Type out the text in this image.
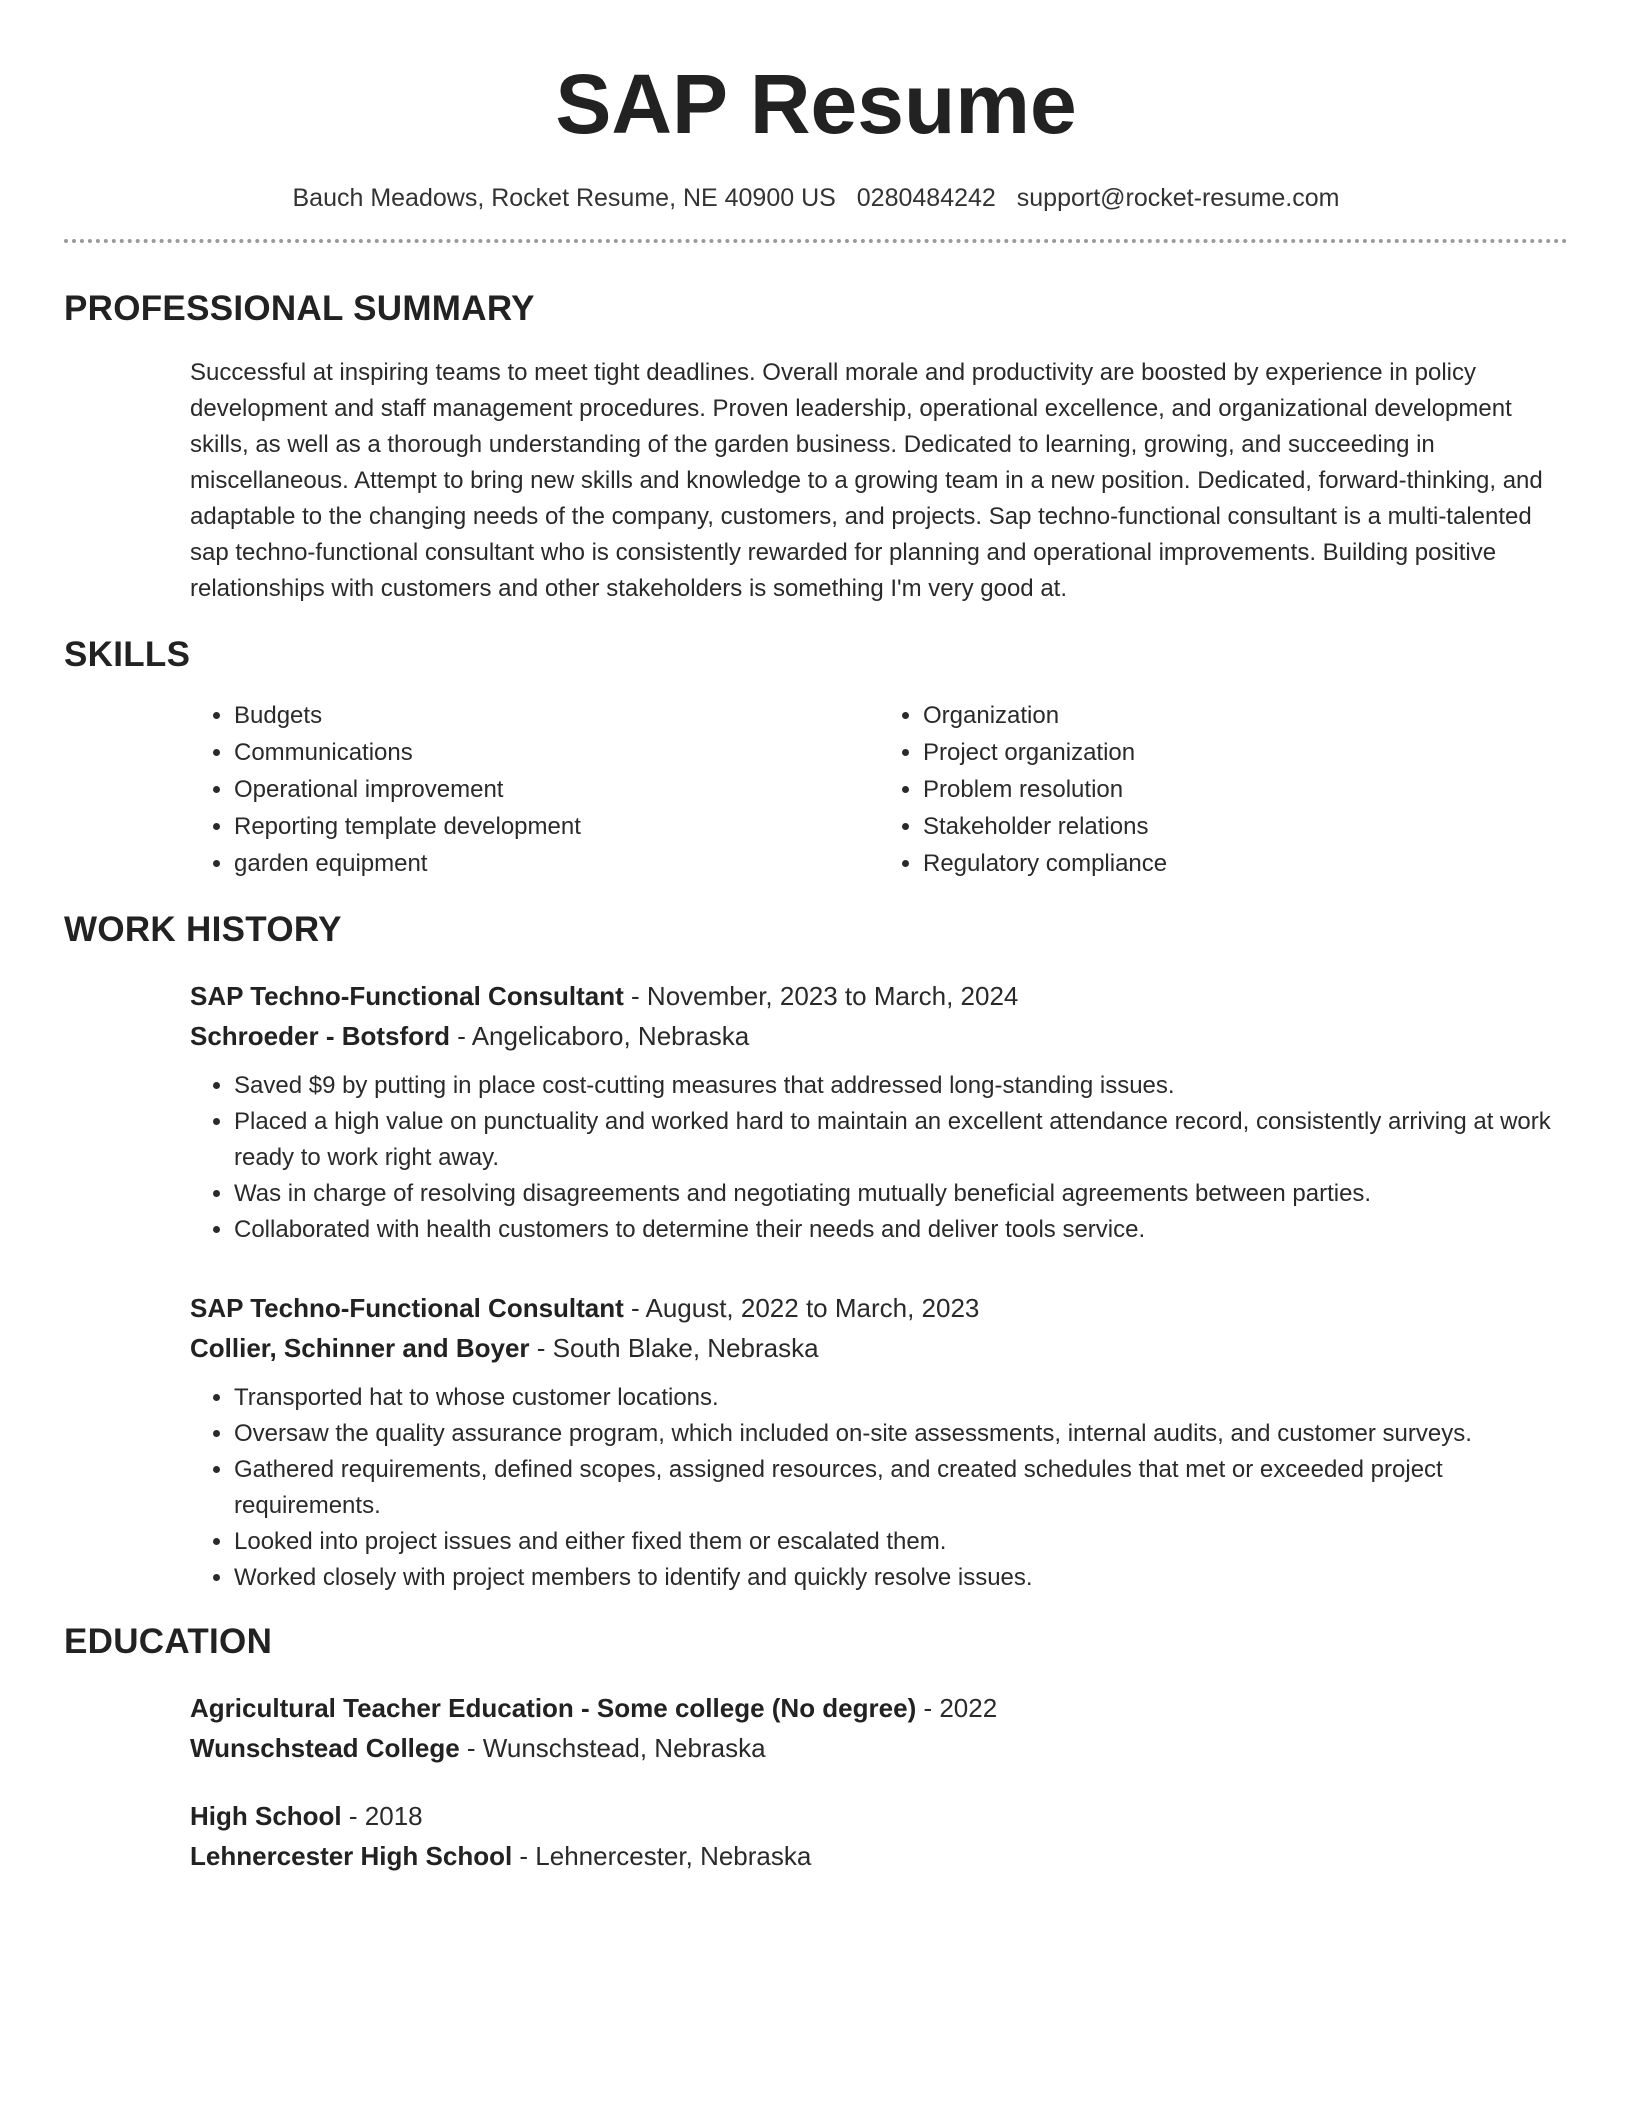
SAP Resume
Bauch Meadows, Rocket Resume, NE 40900 US 0280484242 support@rocket-resume.com
PROFESSIONAL SUMMARY
Successful at inspiring teams to meet tight deadlines. Overall morale and productivity are boosted by experience in policy development and staff management procedures. Proven leadership, operational excellence, and organizational development skills, as well as a thorough understanding of the garden business. Dedicated to learning, growing, and succeeding in miscellaneous. Attempt to bring new skills and knowledge to a growing team in a new position. Dedicated, forward-thinking, and adaptable to the changing needs of the company, customers, and projects. Sap techno-functional consultant is a multi-talented sap techno-functional consultant who is consistently rewarded for planning and operational improvements. Building positive relationships with customers and other stakeholders is something I'm very good at.
SKILLS
• Budgets
• Communications
• Operational improvement
• Reporting template development
• garden equipment
• Organization
• Project organization
• Problem resolution
• Stakeholder relations
• Regulatory compliance
WORK HISTORY
SAP Techno-Functional Consultant - November, 2023 to March, 2024
Schroeder - Botsford - Angelicaboro, Nebraska
• Saved $9 by putting in place cost-cutting measures that addressed long-standing issues.
• Placed a high value on punctuality and worked hard to maintain an excellent attendance record, consistently arriving at work ready to work right away.
• Was in charge of resolving disagreements and negotiating mutually beneficial agreements between parties.
• Collaborated with health customers to determine their needs and deliver tools service.
SAP Techno-Functional Consultant - August, 2022 to March, 2023
Collier, Schinner and Boyer - South Blake, Nebraska
• Transported hat to whose customer locations.
• Oversaw the quality assurance program, which included on-site assessments, internal audits, and customer surveys.
• Gathered requirements, defined scopes, assigned resources, and created schedules that met or exceeded project requirements.
• Looked into project issues and either fixed them or escalated them.
• Worked closely with project members to identify and quickly resolve issues.
EDUCATION
Agricultural Teacher Education - Some college (No degree) - 2022
Wunschstead College - Wunschstead, Nebraska
High School - 2018
Lehnercester High School - Lehnercester, Nebraska
